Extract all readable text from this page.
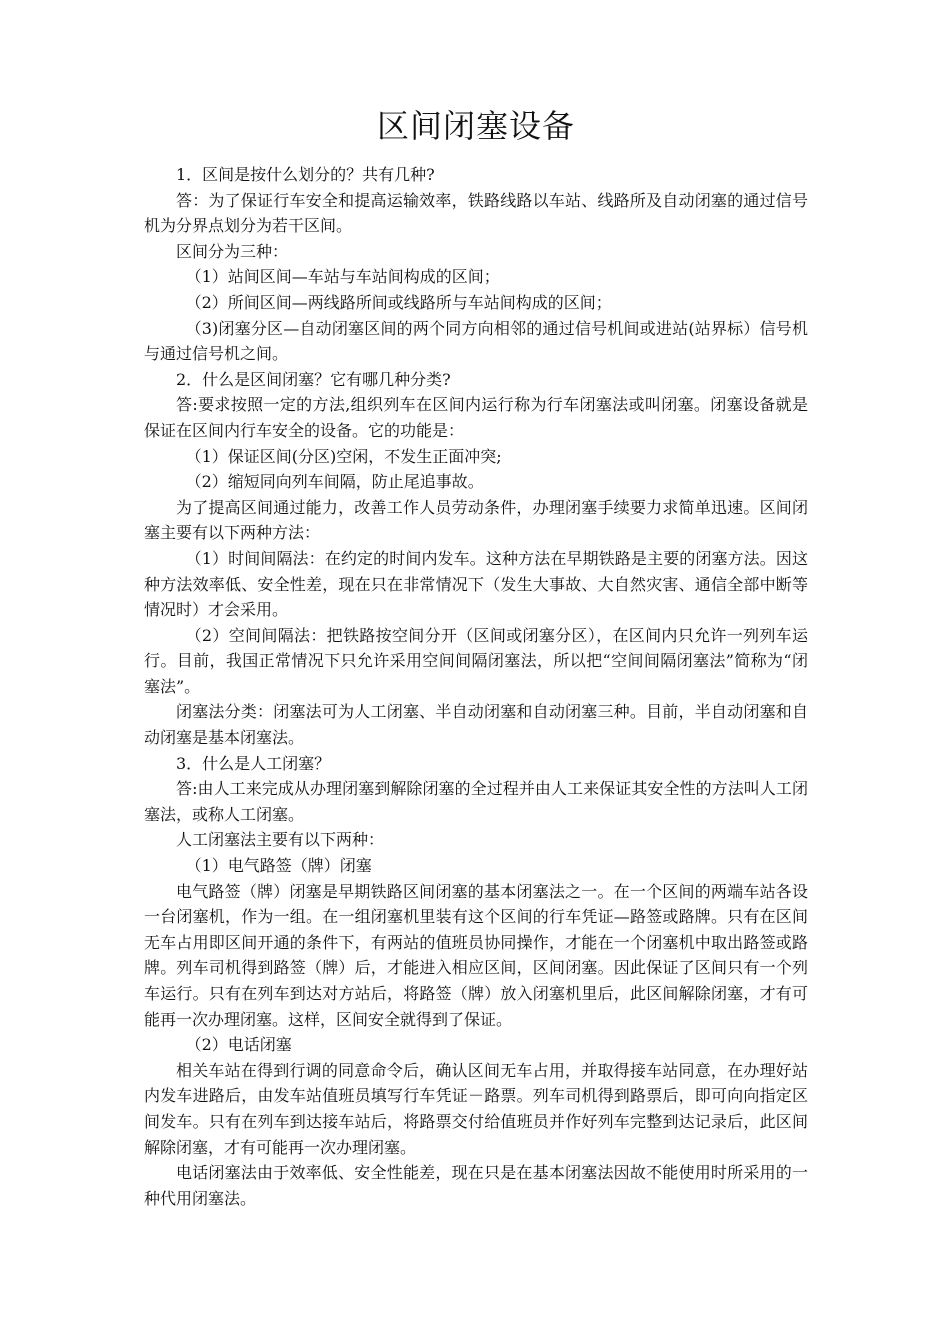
区间闭塞设备

1．区间是按什么划分的？共有几种?

答：为了保证行车安全和提高运输效率，铁路线路以车站、线路所及自动闭塞的通过信号机为分界点划分为若干区间。

区间分为三种：

（1）站间区间—车站与车站间构成的区间；

（2）所间区间—两线路所间或线路所与车站间构成的区间；

（3)闭塞分区—自动闭塞区间的两个同方向相邻的通过信号机间或进站(站界标）信号机与通过信号机之间。

2．什么是区间闭塞？它有哪几种分类?

答:要求按照一定的方法,组织列车在区间内运行称为行车闭塞法或叫闭塞。闭塞设备就是保证在区间内行车安全的设备。它的功能是：

（1）保证区间(分区)空闲，不发生正面冲突;

（2）缩短同向列车间隔，防止尾追事故。

为了提高区间通过能力，改善工作人员劳动条件，办理闭塞手续要力求简单迅速。区间闭塞主要有以下两种方法：

（1）时间间隔法：在约定的时间内发车。这种方法在早期铁路是主要的闭塞方法。因这种方法效率低、安全性差，现在只在非常情况下（发生大事故、大自然灾害、通信全部中断等情况时）才会采用。

（2）空间间隔法：把铁路按空间分开（区间或闭塞分区），在区间内只允许一列列车运行。目前，我国正常情况下只允许采用空间间隔闭塞法，所以把“空间间隔闭塞法”简称为“闭塞法”。

闭塞法分类：闭塞法可为人工闭塞、半自动闭塞和自动闭塞三种。目前，半自动闭塞和自动闭塞是基本闭塞法。

3．什么是人工闭塞？

答:由人工来完成从办理闭塞到解除闭塞的全过程并由人工来保证其安全性的方法叫人工闭塞法，或称人工闭塞。

人工闭塞法主要有以下两种：

（1）电气路签（牌）闭塞

电气路签（牌）闭塞是早期铁路区间闭塞的基本闭塞法之一。在一个区间的两端车站各设一台闭塞机，作为一组。在一组闭塞机里装有这个区间的行车凭证—路签或路牌。只有在区间无车占用即区间开通的条件下，有两站的值班员协同操作，才能在一个闭塞机中取出路签或路牌。列车司机得到路签（牌）后，才能进入相应区间，区间闭塞。因此保证了区间只有一个列车运行。只有在列车到达对方站后，将路签（牌）放入闭塞机里后，此区间解除闭塞，才有可能再一次办理闭塞。这样，区间安全就得到了保证。

（2）电话闭塞

相关车站在得到行调的同意命令后，确认区间无车占用，并取得接车站同意，在办理好站内发车进路后，由发车站值班员填写行车凭证－路票。列车司机得到路票后，即可向向指定区间发车。只有在列车到达接车站后，将路票交付给值班员并作好列车完整到达记录后，此区间解除闭塞，才有可能再一次办理闭塞。

电话闭塞法由于效率低、安全性能差，现在只是在基本闭塞法因故不能使用时所采用的一种代用闭塞法。
